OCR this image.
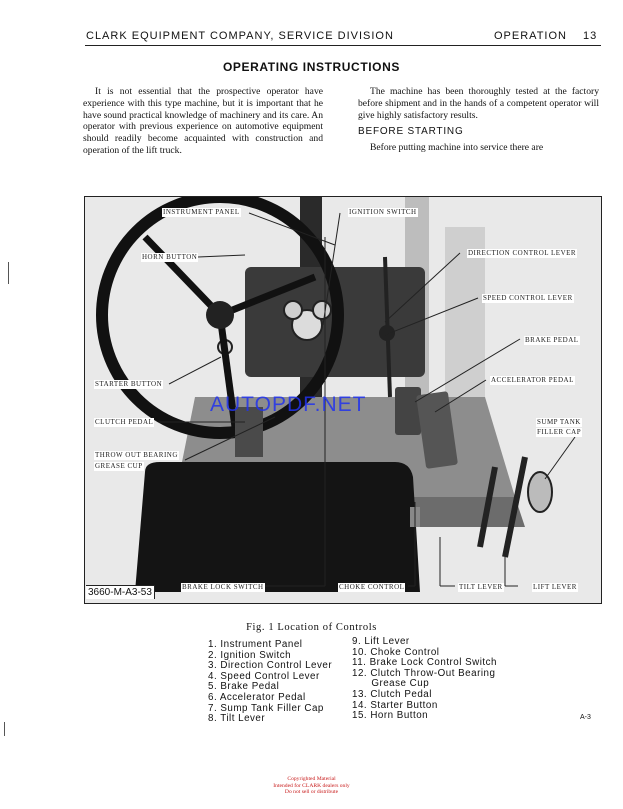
CLARK EQUIPMENT COMPANY, SERVICE DIVISION	OPERATION 13
OPERATING INSTRUCTIONS

It is not essential that the prospective operator have experience with this type machine, but it is important that he have sound practical knowledge of machinery and its care. An operator with previous experience on automotive equipment should readily become acquainted with construction and operation of the lift truck.

The machine has been thoroughly tested at the factory before shipment and in the hands of a competent operator will give highly satisfactory results.

BEFORE STARTING

Before putting machine into service there are

INSTRUMENT PANEL	IGNITION SWITCH
HORN BUTTON	DIRECTION CONTROL LEVER
SPEED CONTROL LEVER
BRAKE PEDAL
ACCELERATOR PEDAL
STARTER BUTTON
CLUTCH PEDAL	SUMP TANK
FILLER CAP
THROW OUT BEARING
GREASE CUP
BRAKE LOCK SWITCH	CHOKE CONTROL	TILT LEVER	LIFT LEVER
3660-M-A3-53
AUTOPDF.NET
Fig. 1 Location of Controls
1. Instrument Panel
2. Ignition Switch
3. Direction Control Lever
4. Speed Control Lever
5. Brake Pedal
6. Accelerator Pedal
7. Sump Tank Filler Cap
8. Tilt Lever
9. Lift Lever
10. Choke Control
11. Brake Lock Control Switch
12. Clutch Throw-Out Bearing
Grease Cup
13. Clutch Pedal
14. Starter Button
15. Horn Button	A-3
Copyrighted Material
Intended for CLARK dealers only
Do not sell or distribute
